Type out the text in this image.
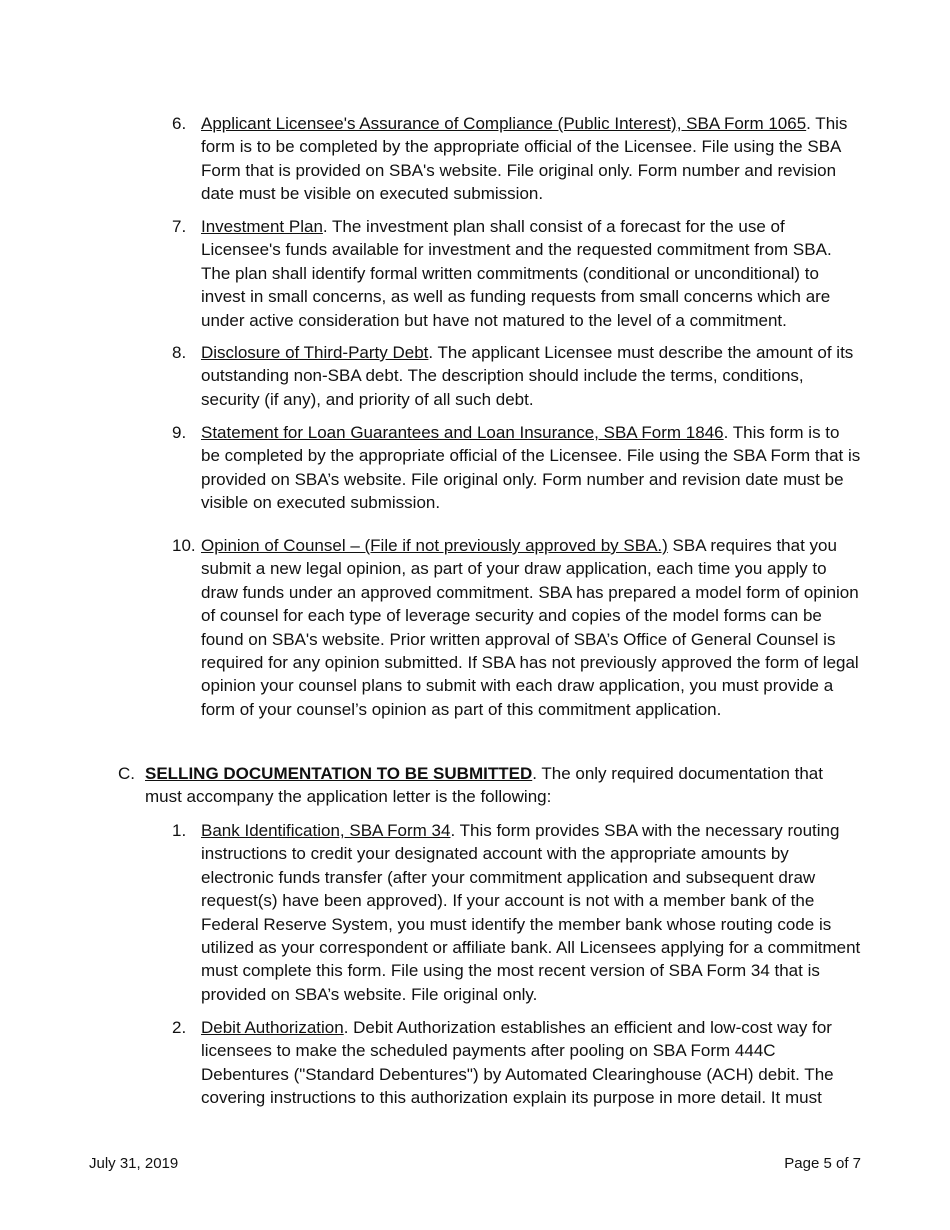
6. Applicant Licensee's Assurance of Compliance (Public Interest), SBA Form 1065. This form is to be completed by the appropriate official of the Licensee. File using the SBA Form that is provided on SBA's website. File original only. Form number and revision date must be visible on executed submission.
7. Investment Plan. The investment plan shall consist of a forecast for the use of Licensee's funds available for investment and the requested commitment from SBA. The plan shall identify formal written commitments (conditional or unconditional) to invest in small concerns, as well as funding requests from small concerns which are under active consideration but have not matured to the level of a commitment.
8. Disclosure of Third-Party Debt. The applicant Licensee must describe the amount of its outstanding non-SBA debt. The description should include the terms, conditions, security (if any), and priority of all such debt.
9. Statement for Loan Guarantees and Loan Insurance, SBA Form 1846. This form is to be completed by the appropriate official of the Licensee. File using the SBA Form that is provided on SBA’s website. File original only. Form number and revision date must be visible on executed submission.
10. Opinion of Counsel – (File if not previously approved by SBA.) SBA requires that you submit a new legal opinion, as part of your draw application, each time you apply to draw funds under an approved commitment. SBA has prepared a model form of opinion of counsel for each type of leverage security and copies of the model forms can be found on SBA's website. Prior written approval of SBA’s Office of General Counsel is required for any opinion submitted. If SBA has not previously approved the form of legal opinion your counsel plans to submit with each draw application, you must provide a form of your counsel’s opinion as part of this commitment application.
C. SELLING DOCUMENTATION TO BE SUBMITTED. The only required documentation that must accompany the application letter is the following:
1. Bank Identification, SBA Form 34. This form provides SBA with the necessary routing instructions to credit your designated account with the appropriate amounts by electronic funds transfer (after your commitment application and subsequent draw request(s) have been approved). If your account is not with a member bank of the Federal Reserve System, you must identify the member bank whose routing code is utilized as your correspondent or affiliate bank. All Licensees applying for a commitment must complete this form. File using the most recent version of SBA Form 34 that is provided on SBA’s website. File original only.
2. Debit Authorization. Debit Authorization establishes an efficient and low-cost way for licensees to make the scheduled payments after pooling on SBA Form 444C Debentures ("Standard Debentures") by Automated Clearinghouse (ACH) debit. The covering instructions to this authorization explain its purpose in more detail. It must
July 31, 2019	Page 5 of 7
